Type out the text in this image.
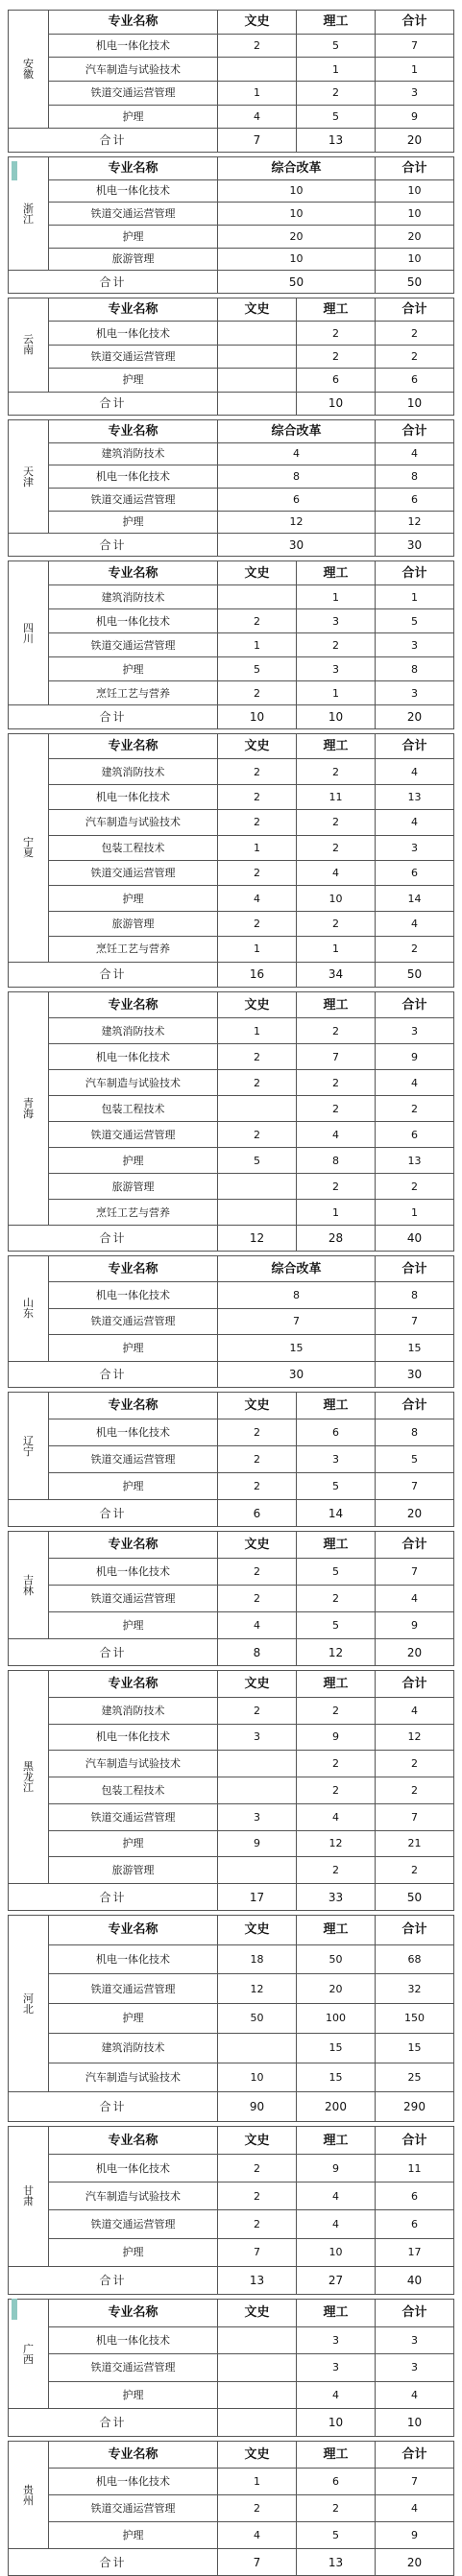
安
徽	专业名称	文史	理工	合计
	机电一体化技术	2	5	7
	汽车制造与试验技术		1	1
	铁道交通运营管理	1	2	3
	护理	4	5	9
合计		7	13	20
浙
江	专业名称	综合改革	合计
	机电一体化技术	10	10
	铁道交通运营管理	10	10
	护理	20	20
	旅游管理	10	10
合计		50	50
云
南	专业名称	文史	理工	合计
	机电一体化技术		2	2
	铁道交通运营管理		2	2
	护理		6	6
合计			10	10
天
津	专业名称	综合改革	合计
	建筑消防技术	4	4
	机电一体化技术	8	8
	铁道交通运营管理	6	6
	护理	12	12
合计		30	30
四
川	专业名称	文史	理工	合计
	建筑消防技术		1	1
	机电一体化技术	2	3	5
	铁道交通运营管理	1	2	3
	护理	5	3	8
	烹饪工艺与营养	2	1	3
合计		10	10	20
宁
夏	专业名称	文史	理工	合计
	建筑消防技术	2	2	4
	机电一体化技术	2	11	13
	汽车制造与试验技术	2	2	4
	包装工程技术	1	2	3
	铁道交通运营管理	2	4	6
	护理	4	10	14
	旅游管理	2	2	4
	烹饪工艺与营养	1	1	2
合计		16	34	50
青
海	专业名称	文史	理工	合计
	建筑消防技术	1	2	3
	机电一体化技术	2	7	9
	汽车制造与试验技术	2	2	4
	包装工程技术		2	2
	铁道交通运营管理	2	4	6
	护理	5	8	13
	旅游管理		2	2
	烹饪工艺与营养		1	1
合计		12	28	40
山
东	专业名称	综合改革	合计
	机电一体化技术	8	8
	铁道交通运营管理	7	7
	护理	15	15
合计		30	30
辽
宁	专业名称	文史	理工	合计
	机电一体化技术	2	6	8
	铁道交通运营管理	2	3	5
	护理	2	5	7
合计		6	14	20
吉
林	专业名称	文史	理工	合计
	机电一体化技术	2	5	7
	铁道交通运营管理	2	2	4
	护理	4	5	9
合计		8	12	20
黑
龙
江	专业名称	文史	理工	合计
	建筑消防技术	2	2	4
	机电一体化技术	3	9	12
	汽车制造与试验技术		2	2
	包装工程技术		2	2
	铁道交通运营管理	3	4	7
	护理	9	12	21
	旅游管理		2	2
合计		17	33	50
河
北	专业名称	文史	理工	合计
	机电一体化技术	18	50	68
	铁道交通运营管理	12	20	32
	护理	50	100	150
	建筑消防技术		15	15
	汽车制造与试验技术	10	15	25
合计		90	200	290
甘
肃	专业名称	文史	理工	合计
	机电一体化技术	2	9	11
	汽车制造与试验技术	2	4	6
	铁道交通运营管理	2	4	6
	护理	7	10	17
合计		13	27	40
广
西	专业名称	文史	理工	合计
	机电一体化技术		3	3
	铁道交通运营管理		3	3
	护理		4	4
合计			10	10
贵
州	专业名称	文史	理工	合计
	机电一体化技术	1	6	7
	铁道交通运营管理	2	2	4
	护理	4	5	9
合计		7	13	20
